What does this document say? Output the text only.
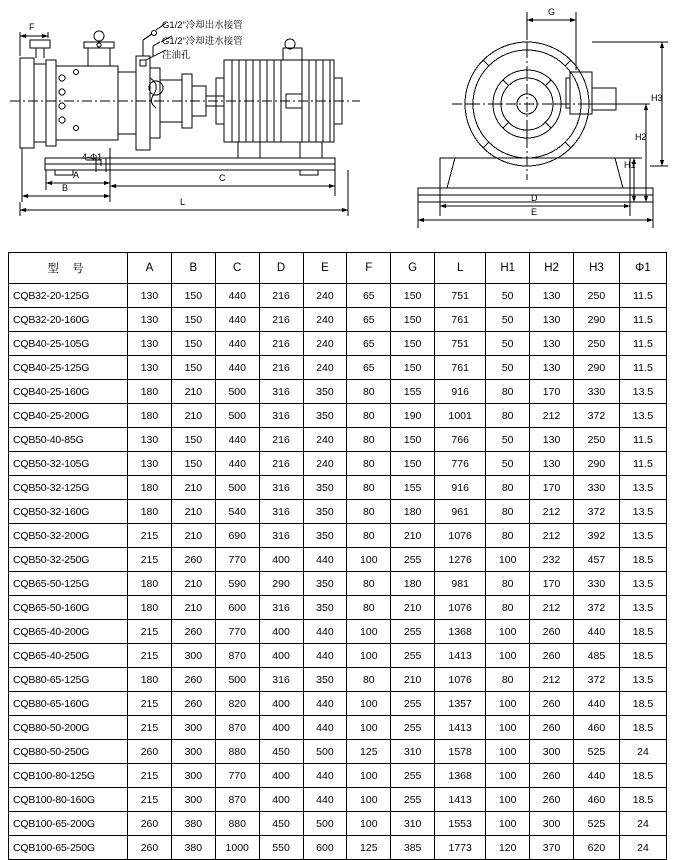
G1/2”冷却出水接管
G1/2”冷却进水接管
注油孔
4-Φ1
F
A
B
C
L
G
D
E
H1
H2
H3
型 号	A	B	C	D	E	F	G	L	H1	H2	H3	Φ1
CQB32-20-125G	130	150	440	216	240	65	150	751	50	130	250	11.5
CQB32-20-160G	130	150	440	216	240	65	150	761	50	130	290	11.5
CQB40-25-105G	130	150	440	216	240	65	150	751	50	130	250	11.5
CQB40-25-125G	130	150	440	216	240	65	150	761	50	130	290	11.5
CQB40-25-160G	180	210	500	316	350	80	155	916	80	170	330	13.5
CQB40-25-200G	180	210	500	316	350	80	190	1001	80	212	372	13.5
CQB50-40-85G	130	150	440	216	240	80	150	766	50	130	250	11.5
CQB50-32-105G	130	150	440	216	240	80	150	776	50	130	290	11.5
CQB50-32-125G	180	210	500	316	350	80	155	916	80	170	330	13.5
CQB50-32-160G	180	210	540	316	350	80	180	961	80	212	372	13.5
CQB50-32-200G	215	210	690	316	350	80	210	1076	80	212	392	13.5
CQB50-32-250G	215	260	770	400	440	100	255	1276	100	232	457	18.5
CQB65-50-125G	180	210	590	290	350	80	180	981	80	170	330	13.5
CQB65-50-160G	180	210	600	316	350	80	210	1076	80	212	372	13.5
CQB65-40-200G	215	260	770	400	440	100	255	1368	100	260	440	18.5
CQB65-40-250G	215	300	870	400	440	100	255	1413	100	260	485	18.5
CQB80-65-125G	180	260	500	316	350	80	210	1076	80	212	372	13.5
CQB80-65-160G	215	260	820	400	440	100	255	1357	100	260	440	18.5
CQB80-50-200G	215	300	870	400	440	100	255	1413	100	260	460	18.5
CQB80-50-250G	260	300	880	450	500	125	310	1578	100	300	525	24
CQB100-80-125G	215	300	770	400	440	100	255	1368	100	260	440	18.5
CQB100-80-160G	215	300	870	400	440	100	255	1413	100	260	460	18.5
CQB100-65-200G	260	380	880	450	500	100	310	1553	100	300	525	24
CQB100-65-250G	260	380	1000	550	600	125	385	1773	120	370	620	24
